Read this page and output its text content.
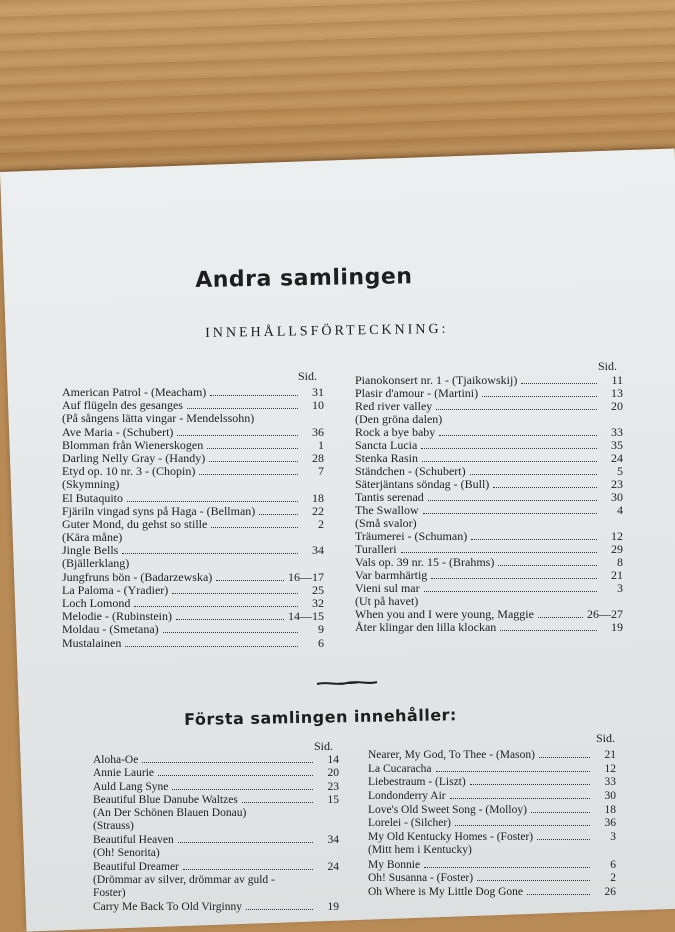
Andra samlingen
INNEHÅLLSFÖRTECKNING:
Sid.
Sid.
American Patrol - (Meacham)	31
Auf flügeln des gesanges	10
(På sångens lätta vingar - Mendelssohn)
Ave Maria - (Schubert)	36
Blomman från Wienerskogen	1
Darling Nelly Gray - (Handy)	28
Etyd op. 10 nr. 3 - (Chopin)	7
(Skymning)
El Butaquito	18
Fjäriln vingad syns på Haga - (Bellman)	22
Guter Mond, du gehst so stille	2
(Kära måne)
Jingle Bells	34
(Bjällerklang)
Jungfruns bön - (Badarzewska)	16—17
La Paloma - (Yradier)	25
Loch Lomond	32
Melodie - (Rubinstein)	14—15
Moldau - (Smetana)	9
Mustalainen	6
Pianokonsert nr. 1 - (Tjaikowskij)	11
Plasir d'amour - (Martini)	13
Red river valley	20
(Den gröna dalen)
Rock a bye baby	33
Sancta Lucia	35
Stenka Rasin	24
Ständchen - (Schubert)	5
Säterjäntans söndag - (Bull)	23
Tantis serenad	30
The Swallow	4
(Små svalor)
Träumerei - (Schuman)	12
Turalleri	29
Vals op. 39 nr. 15 - (Brahms)	8
Var barmhärtig	21
Vieni sul mar	3
(Ut på havet)
When you and I were young, Maggie	26—27
Åter klingar den lilla klockan	19
Första samlingen innehåller:
Sid.
Sid.
Aloha-Oe	14
Annie Laurie	20
Auld Lang Syne	23
Beautiful Blue Danube Waltzes	15
(An Der Schönen Blauen Donau)
(Strauss)
Beautiful Heaven	34
(Oh! Senorita)
Beautiful Dreamer	24
(Drömmar av silver, drömmar av guld -
Foster)
Carry Me Back To Old Virginny	19
Nearer, My God, To Thee - (Mason)	21
La Cucaracha	12
Liebestraum - (Liszt)	33
Londonderry Air	30
Love's Old Sweet Song - (Molloy)	18
Lorelei - (Silcher)	36
My Old Kentucky Homes - (Foster)	3
(Mitt hem i Kentucky)
My Bonnie	6
Oh! Susanna - (Foster)	2
Oh Where is My Little Dog Gone	26
